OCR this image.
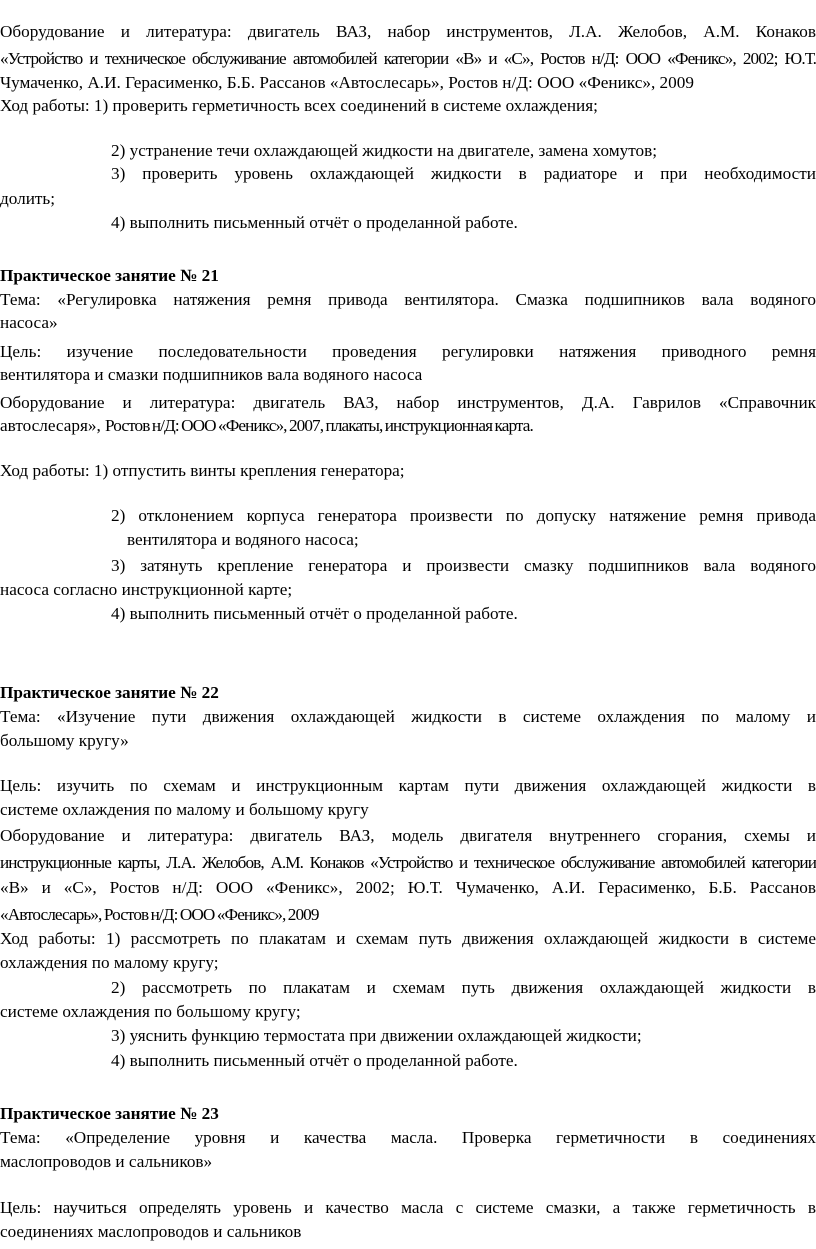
Оборудование и литература: двигатель ВАЗ, набор инструментов, Л.А. Желобов, А.М. Конаков
«Устройство и техническое обслуживание автомобилей категории «В» и «С», Ростов н/Д: ООО «Феникс», 2002; Ю.Т.
Чумаченко, А.И. Герасименко, Б.Б. Рассанов «Автослесарь», Ростов н/Д: ООО «Феникс», 2009
Ход работы: 1) проверить герметичность всех соединений в системе охлаждения;
2) устранение течи охлаждающей жидкости на двигателе, замена хомутов;
3) проверить уровень охлаждающей жидкости в радиаторе и при необходимости
долить;
4) выполнить письменный отчёт о проделанной работе.
Практическое занятие № 21
Тема: «Регулировка натяжения ремня привода вентилятора. Смазка подшипников вала водяного
насоса»
Цель: изучение последовательности проведения регулировки натяжения приводного ремня
вентилятора и смазки подшипников вала водяного насоса
Оборудование и литература: двигатель ВАЗ, набор инструментов, Д.А. Гаврилов «Справочник
автослесаря», Ростов н/Д: ООО «Феникс», 2007, плакаты, инструкционная карта.
Ход работы: 1) отпустить винты крепления генератора;
2) отклонением корпуса генератора произвести по допуску натяжение ремня привода
вентилятора и водяного насоса;
3) затянуть крепление генератора и произвести смазку подшипников вала водяного
насоса согласно инструкционной карте;
4) выполнить письменный отчёт о проделанной работе.
Практическое занятие № 22
Тема: «Изучение пути движения охлаждающей жидкости в системе охлаждения по малому и
большому кругу»
Цель: изучить по схемам и инструкционным картам пути движения охлаждающей жидкости в
системе охлаждения по малому и большому кругу
Оборудование и литература: двигатель ВАЗ, модель двигателя внутреннего сгорания, схемы и
инструкционные карты, Л.А. Желобов, А.М. Конаков «Устройство и техническое обслуживание автомобилей категории
«В» и «С», Ростов н/Д: ООО «Феникс», 2002; Ю.Т. Чумаченко, А.И. Герасименко, Б.Б. Рассанов
«Автослесарь», Ростов н/Д: ООО «Феникс», 2009
Ход работы: 1) рассмотреть по плакатам и схемам путь движения охлаждающей жидкости в системе
охлаждения по малому кругу;
2) рассмотреть по плакатам и схемам путь движения охлаждающей жидкости в
системе охлаждения по большому кругу;
3) уяснить функцию термостата при движении охлаждающей жидкости;
4) выполнить письменный отчёт о проделанной работе.
Практическое занятие № 23
Тема: «Определение уровня и качества масла. Проверка герметичности в соединениях
маслопроводов и сальников»
Цель: научиться определять уровень и качество масла с системе смазки, а также герметичность в
соединениях маслопроводов и сальников
